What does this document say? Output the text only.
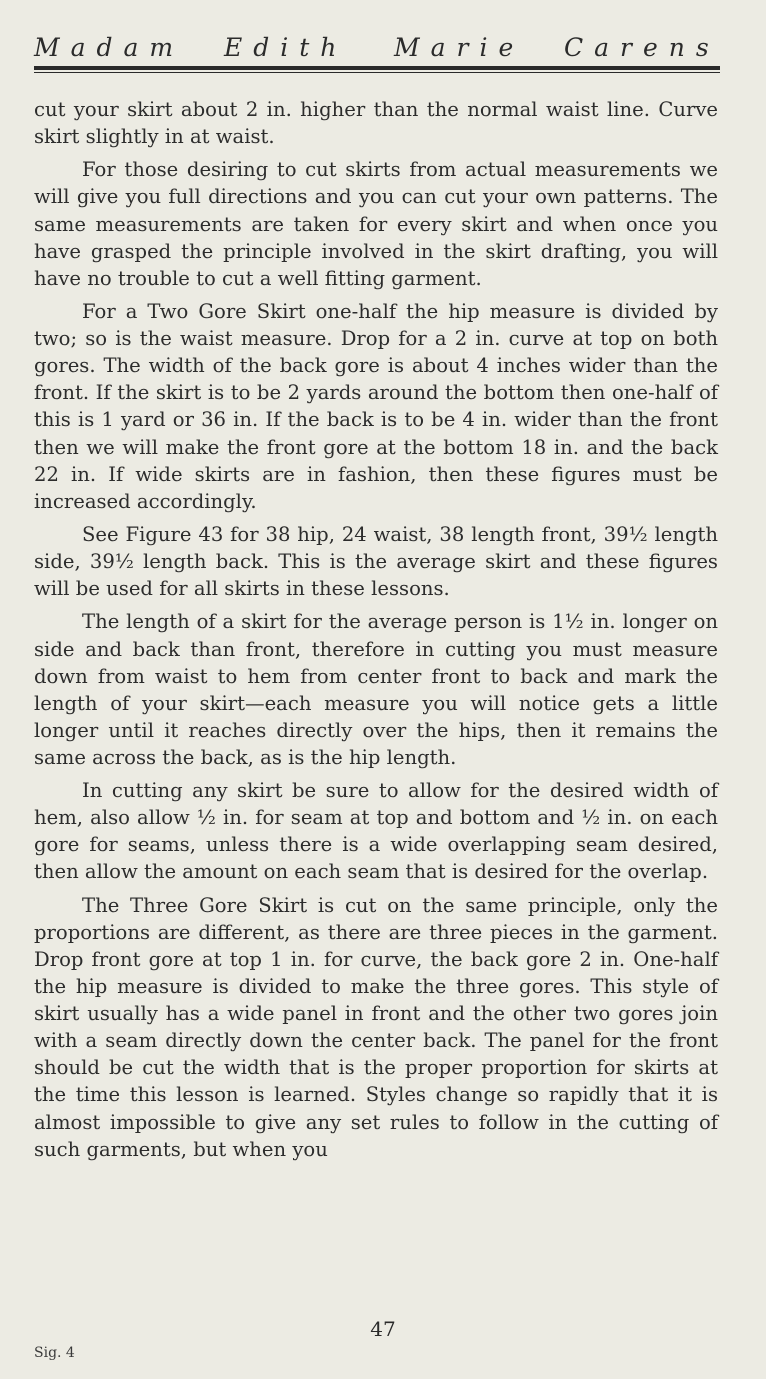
Madam Edith Marie Carens

cut your skirt about 2 in. higher than the normal waist line. Curve skirt slightly in at waist.

For those desiring to cut skirts from actual measurements we will give you full directions and you can cut your own patterns. The same measurements are taken for every skirt and when once you have grasped the principle involved in the skirt drafting, you will have no trouble to cut a well fitting garment.

For a Two Gore Skirt one-half the hip measure is divided by two; so is the waist measure. Drop for a 2 in. curve at top on both gores. The width of the back gore is about 4 inches wider than the front. If the skirt is to be 2 yards around the bottom then one-half of this is 1 yard or 36 in. If the back is to be 4 in. wider than the front then we will make the front gore at the bottom 18 in. and the back 22 in. If wide skirts are in fashion, then these figures must be increased accordingly.

See Figure 43 for 38 hip, 24 waist, 38 length front, 39½ length side, 39½ length back. This is the average skirt and these figures will be used for all skirts in these lessons.

The length of a skirt for the average person is 1½ in. longer on side and back than front, therefore in cutting you must measure down from waist to hem from center front to back and mark the length of your skirt—each measure you will notice gets a little longer until it reaches directly over the hips, then it remains the same across the back, as is the hip length.

In cutting any skirt be sure to allow for the desired width of hem, also allow ½ in. for seam at top and bottom and ½ in. on each gore for seams, unless there is a wide overlapping seam desired, then allow the amount on each seam that is desired for the overlap.

The Three Gore Skirt is cut on the same principle, only the proportions are different, as there are three pieces in the garment. Drop front gore at top 1 in. for curve, the back gore 2 in. One-half the hip measure is divided to make the three gores. This style of skirt usually has a wide panel in front and the other two gores join with a seam directly down the center back. The panel for the front should be cut the width that is the proper proportion for skirts at the time this lesson is learned. Styles change so rapidly that it is almost impossible to give any set rules to follow in the cutting of such garments, but when you

47
Sig. 4
